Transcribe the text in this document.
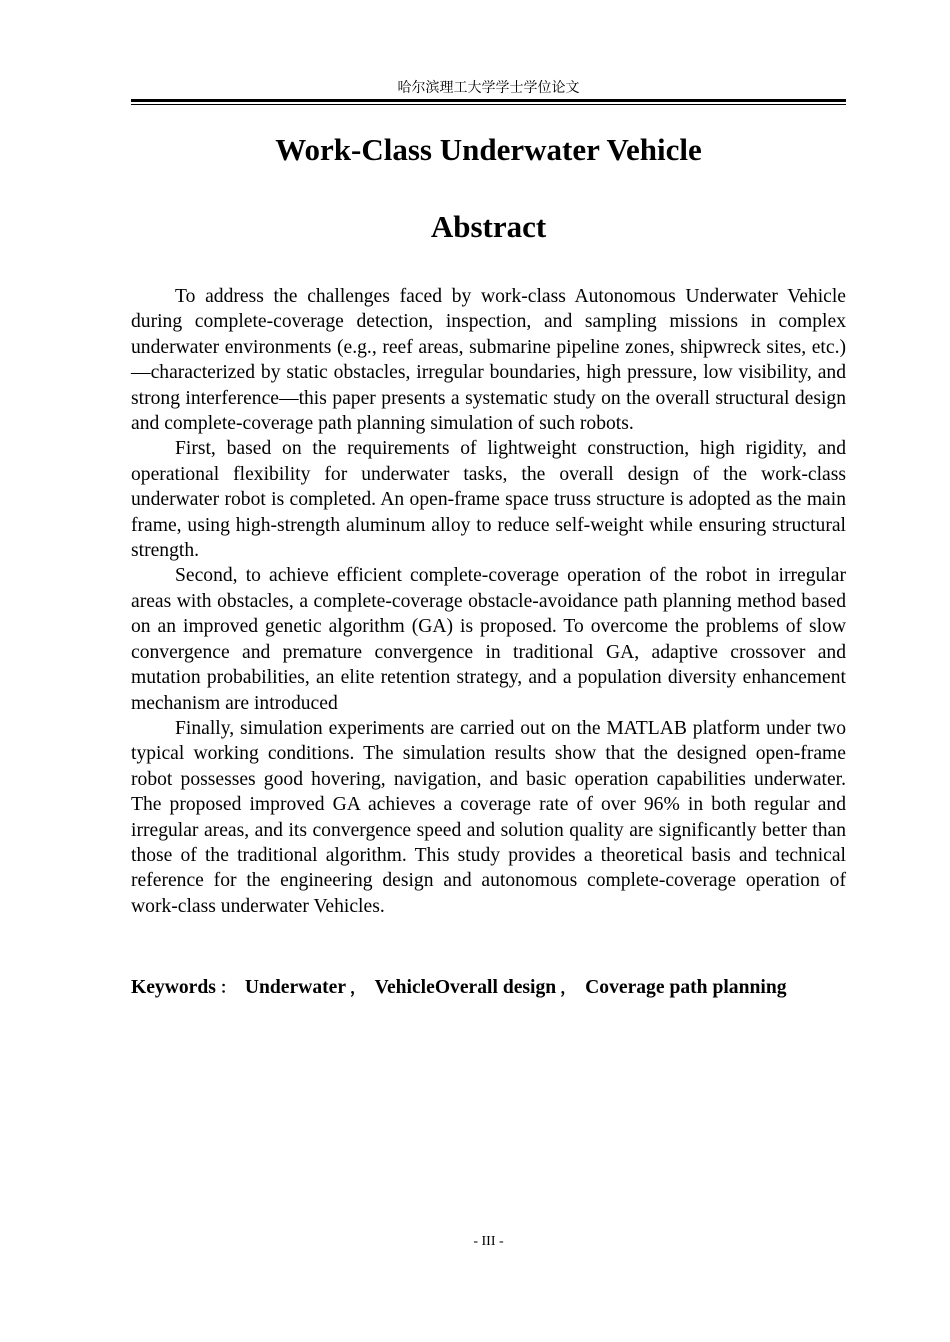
哈尔滨理工大学学士学位论文
Work-Class Underwater Vehicle
Abstract

To address the challenges faced by work-class Autonomous Underwater Vehicle during complete-coverage detection, inspection, and sampling missions in complex underwater environments (e.g., reef areas, submarine pipeline zones, shipwreck sites, etc.)—characterized by static obstacles, irregular boundaries, high pressure, low visibility, and strong interference—this paper presents a systematic study on the overall structural design and complete-coverage path planning simulation of such robots.

First, based on the requirements of lightweight construction, high rigidity, and operational flexibility for underwater tasks, the overall design of the work-class underwater robot is completed. An open-frame space truss structure is adopted as the main frame, using high-strength aluminum alloy to reduce self-weight while ensuring structural strength.

Second, to achieve efficient complete-coverage operation of the robot in irregular areas with obstacles, a complete-coverage obstacle-avoidance path planning method based on an improved genetic algorithm (GA) is proposed. To overcome the problems of slow convergence and premature convergence in traditional GA, adaptive crossover and mutation probabilities, an elite retention strategy, and a population diversity enhancement mechanism are introduced

Finally, simulation experiments are carried out on the MATLAB platform under two typical working conditions. The simulation results show that the designed open-frame robot possesses good hovering, navigation, and basic operation capabilities underwater. The proposed improved GA achieves a coverage rate of over 96% in both regular and irregular areas, and its convergence speed and solution quality are significantly better than those of the traditional algorithm. This study provides a theoretical basis and technical reference for the engineering design and autonomous complete-coverage operation of work-class underwater Vehicles.

Keywords ： Underwater ， VehicleOverall design ， Coverage path planning
- III -
